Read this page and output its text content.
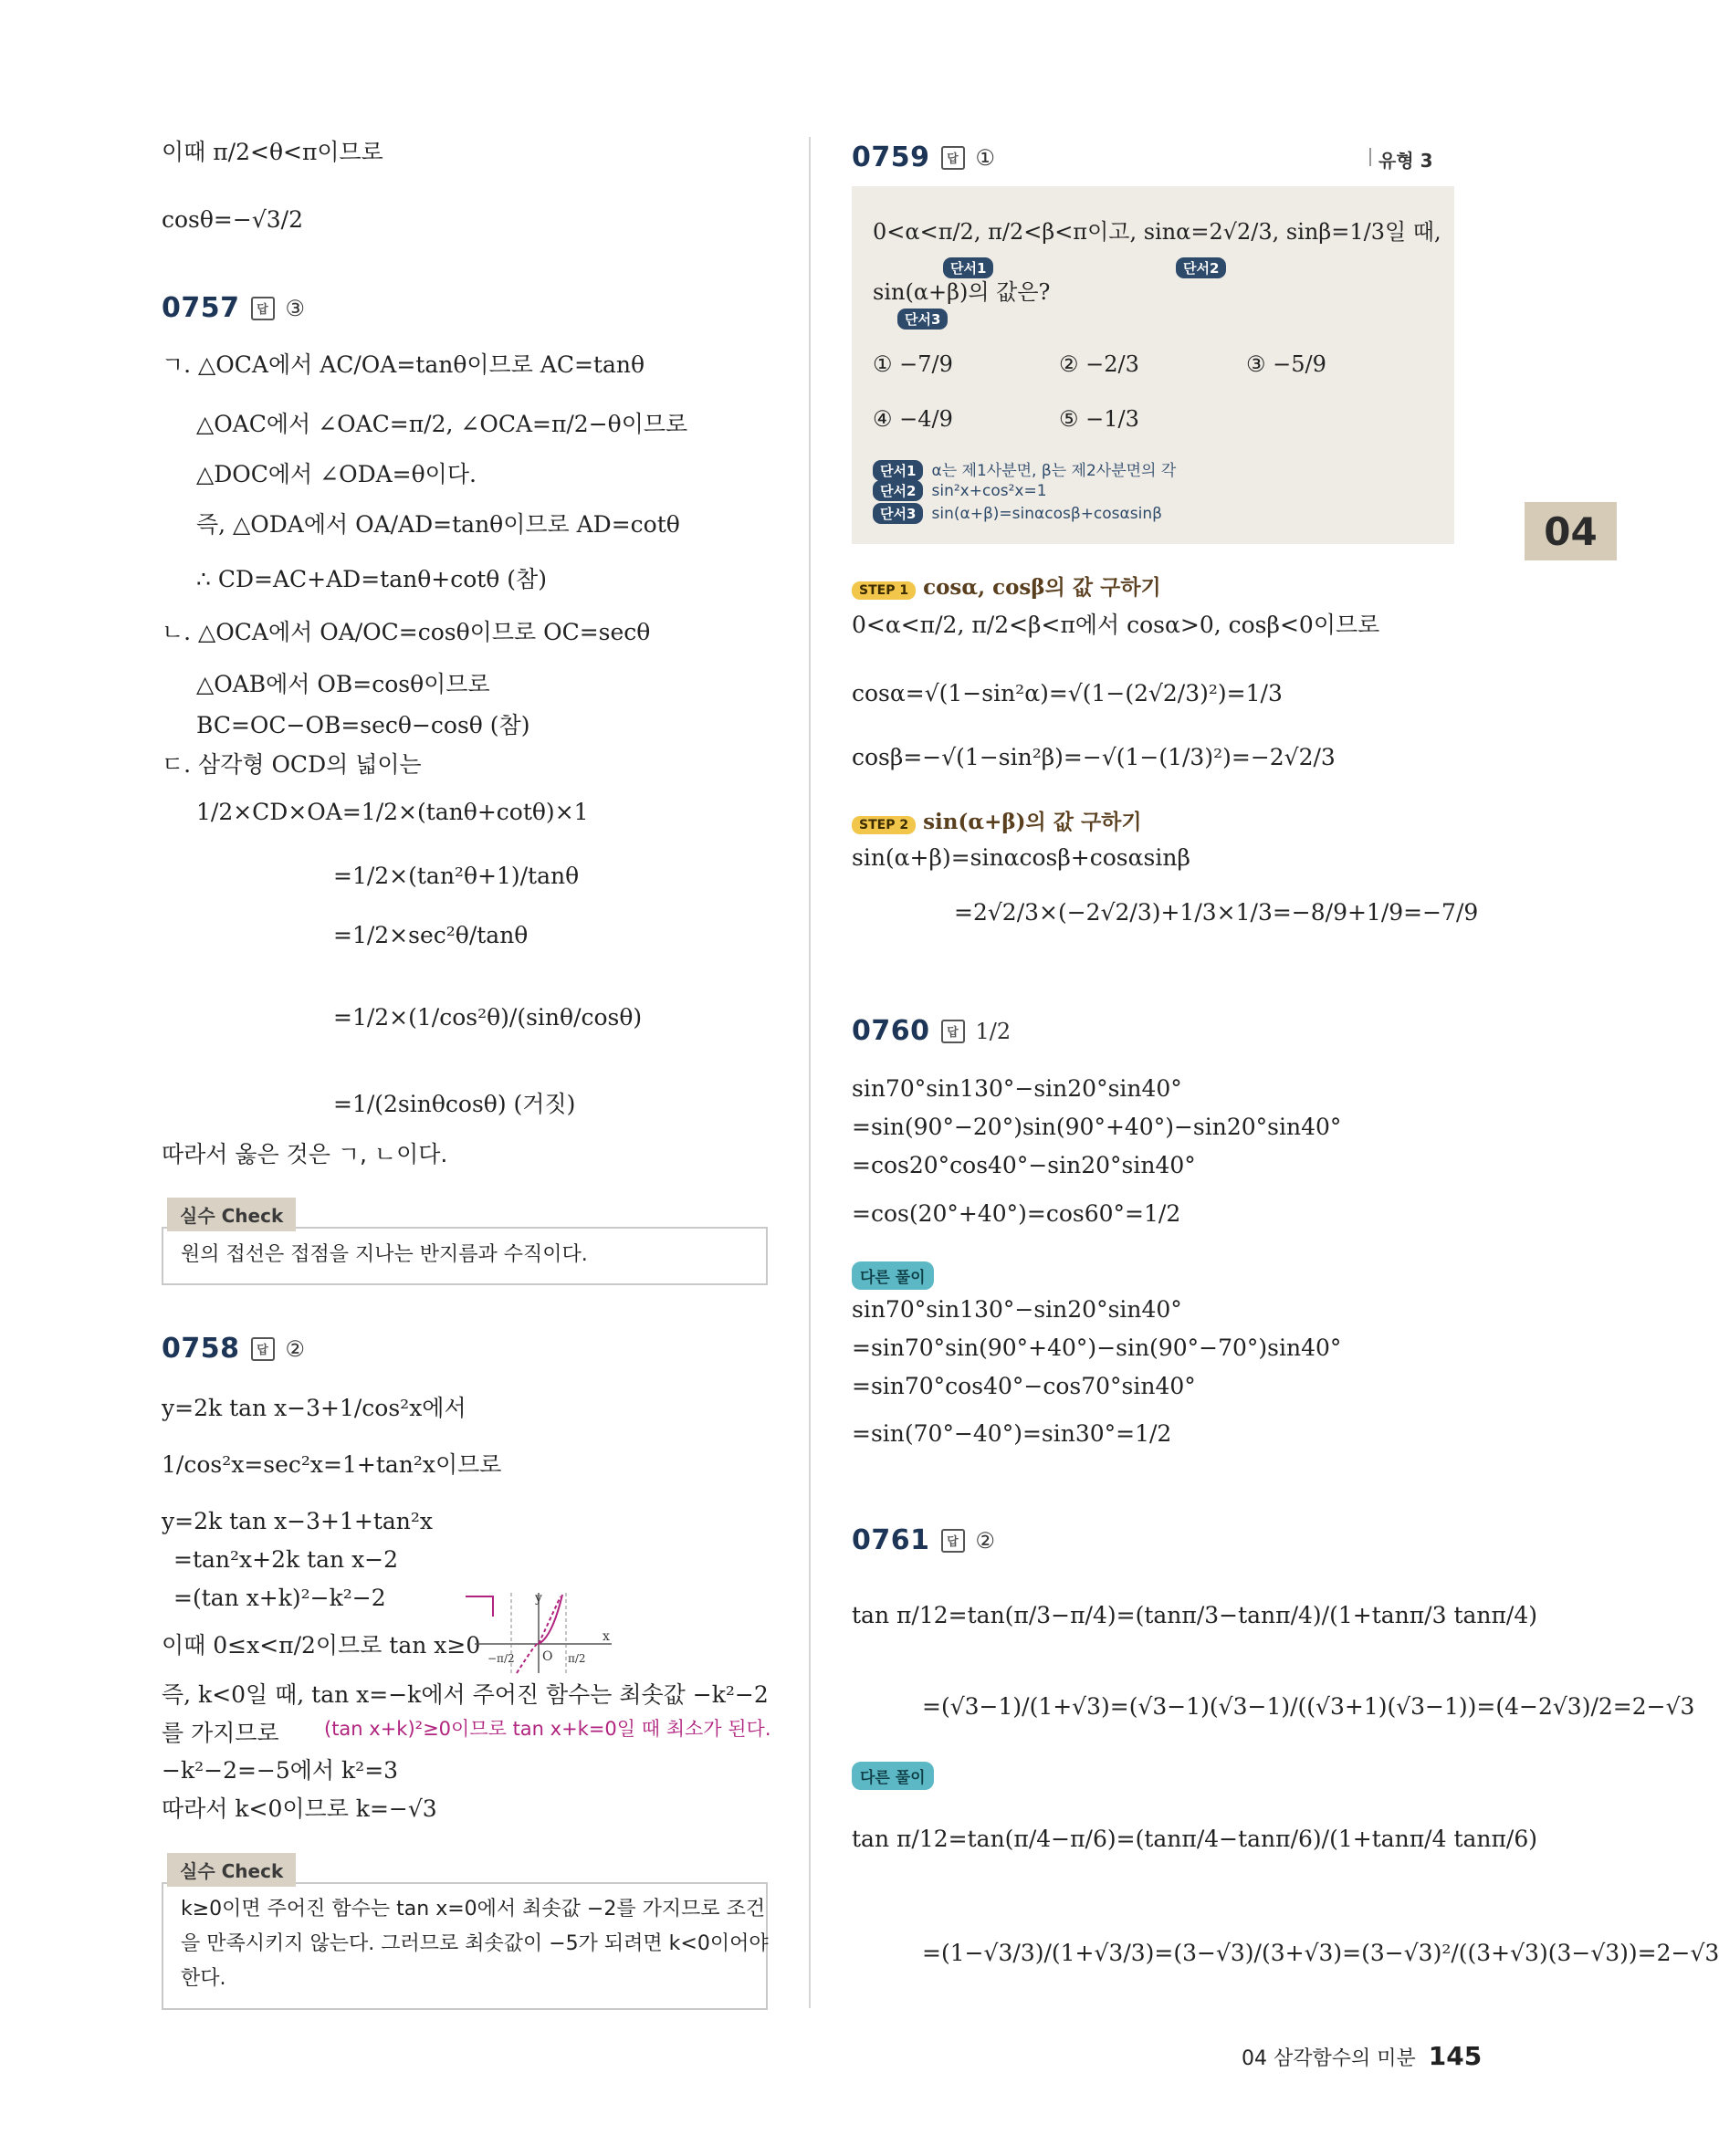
이때 π/2<θ<π이므로
cosθ=−√3/2
0757	답 ③
ㄱ. △OCA에서 AC/OA=tanθ이므로 AC=tanθ
△OAC에서 ∠OAC=π/2, ∠OCA=π/2−θ이므로
△DOC에서 ∠ODA=θ이다.
즉, △ODA에서 OA/AD=tanθ이므로 AD=cotθ
∴ CD=AC+AD=tanθ+cotθ (참)
ㄴ. △OCA에서 OA/OC=cosθ이므로 OC=secθ
△OAB에서 OB=cosθ이므로
BC=OC−OB=secθ−cosθ (참)
ㄷ. 삼각형 OCD의 넓이는
1/2×CD×OA=1/2×(tanθ+cotθ)×1
=1/2×(tan²θ+1)/tanθ
=1/2×sec²θ/tanθ
=1/2×(1/cos²θ)/(sinθ/cosθ)
=1/(2sinθcosθ) (거짓)
따라서 옳은 것은 ㄱ, ㄴ이다.
실수 Check
원의 접선은 접점을 지나는 반지름과 수직이다.
0758	답 ②
y=2k tan x−3+1/cos²x에서
1/cos²x=sec²x=1+tan²x이므로
y=2k tan x−3+1+tan²x
=tan²x+2k tan x−2
=(tan x+k)²−k²−2
이때 0≤x<π/2이므로 tan x≥0
y
x
O
−π/2	π/2
즉, k<0일 때, tan x=−k에서 주어진 함수는 최솟값 −k²−2
를 가지므로 (tan x+k)²≥0이므로 tan x+k=0일 때 최소가 된다.
−k²−2=−5에서 k²=3
따라서 k<0이므로 k=−√3
실수 Check
k≥0이면 주어진 함수는 tan x=0에서 최솟값 −2를 가지므로 조건
을 만족시키지 않는다. 그러므로 최솟값이 −5가 되려면 k<0이어야
한다.
유형 3
04
0759	답 ①
0<α<π/2, π/2<β<π이고, sinα=2√2/3, sinβ=1/3일 때,
단서1	단서2
sin(α+β)의 값은?
단서3
① −7/9	② −2/3	③ −5/9
④ −4/9	⑤ −1/3
단서1 α는 제1사분면, β는 제2사분면의 각
단서2 sin²x+cos²x=1
단서3 sin(α+β)=sinαcosβ+cosαsinβ
STEP 1 cosα, cosβ의 값 구하기
0<α<π/2, π/2<β<π에서 cosα>0, cosβ<0이므로
cosα=√(1−sin²α)=√(1−(2√2/3)²)=1/3
cosβ=−√(1−sin²β)=−√(1−(1/3)²)=−2√2/3
STEP 2 sin(α+β)의 값 구하기
sin(α+β)=sinαcosβ+cosαsinβ
=2√2/3×(−2√2/3)+1/3×1/3=−8/9+1/9=−7/9
0760	답 1/2
sin70°sin130°−sin20°sin40°
=sin(90°−20°)sin(90°+40°)−sin20°sin40°
=cos20°cos40°−sin20°sin40°
=cos(20°+40°)=cos60°=1/2
다른 풀이
sin70°sin130°−sin20°sin40°
=sin70°sin(90°+40°)−sin(90°−70°)sin40°
=sin70°cos40°−cos70°sin40°
=sin(70°−40°)=sin30°=1/2
0761	답 ②
tan π/12=tan(π/3−π/4)=(tanπ/3−tanπ/4)/(1+tanπ/3 tanπ/4)
=(√3−1)/(1+√3)=(√3−1)(√3−1)/((√3+1)(√3−1))=(4−2√3)/2=2−√3
다른 풀이
tan π/12=tan(π/4−π/6)=(tanπ/4−tanπ/6)/(1+tanπ/4 tanπ/6)
=(1−√3/3)/(1+√3/3)=(3−√3)/(3+√3)=(3−√3)²/((3+√3)(3−√3))=2−√3
04 삼각함수의 미분 145
